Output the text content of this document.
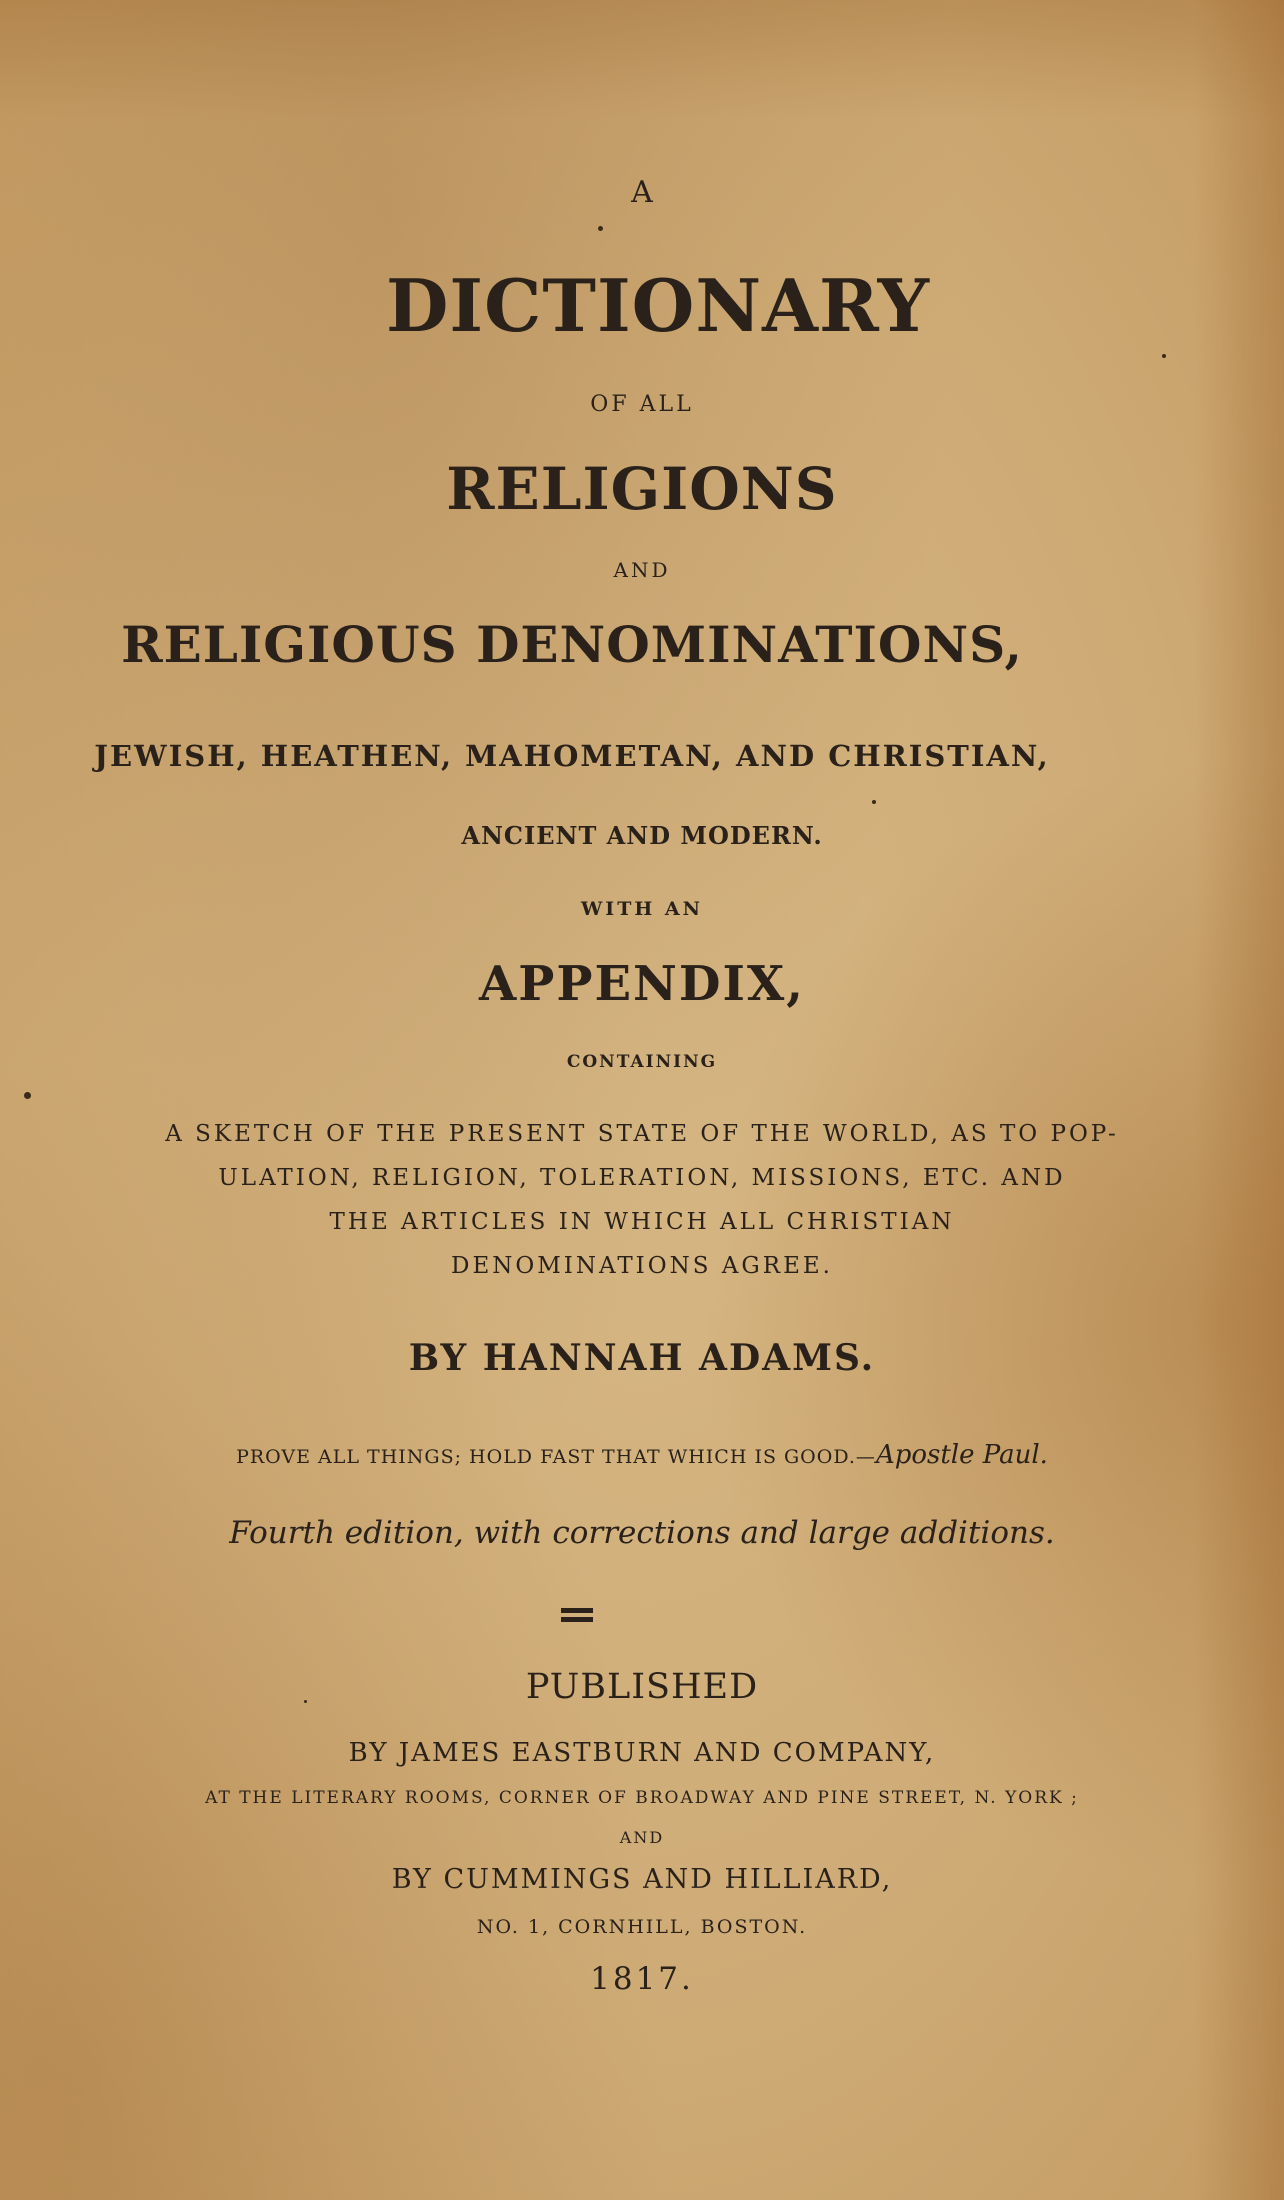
A
DICTIONARY
OF ALL
RELIGIONS
AND
RELIGIOUS DENOMINATIONS,
JEWISH, HEATHEN, MAHOMETAN, AND CHRISTIAN,
ANCIENT AND MODERN.
WITH AN
APPENDIX,
CONTAINING
A SKETCH OF THE PRESENT STATE OF THE WORLD, AS TO POP-
ULATION, RELIGION, TOLERATION, MISSIONS, ETC. AND
THE ARTICLES IN WHICH ALL CHRISTIAN
DENOMINATIONS AGREE.
BY HANNAH ADAMS.
PROVE ALL THINGS; HOLD FAST THAT WHICH IS GOOD.—Apostle Paul.
Fourth edition, with corrections and large additions.
PUBLISHED
BY JAMES EASTBURN AND COMPANY,
AT THE LITERARY ROOMS, CORNER OF BROADWAY AND PINE STREET, N. YORK ;
AND
BY CUMMINGS AND HILLIARD,
NO. 1, CORNHILL, BOSTON.
1817.
